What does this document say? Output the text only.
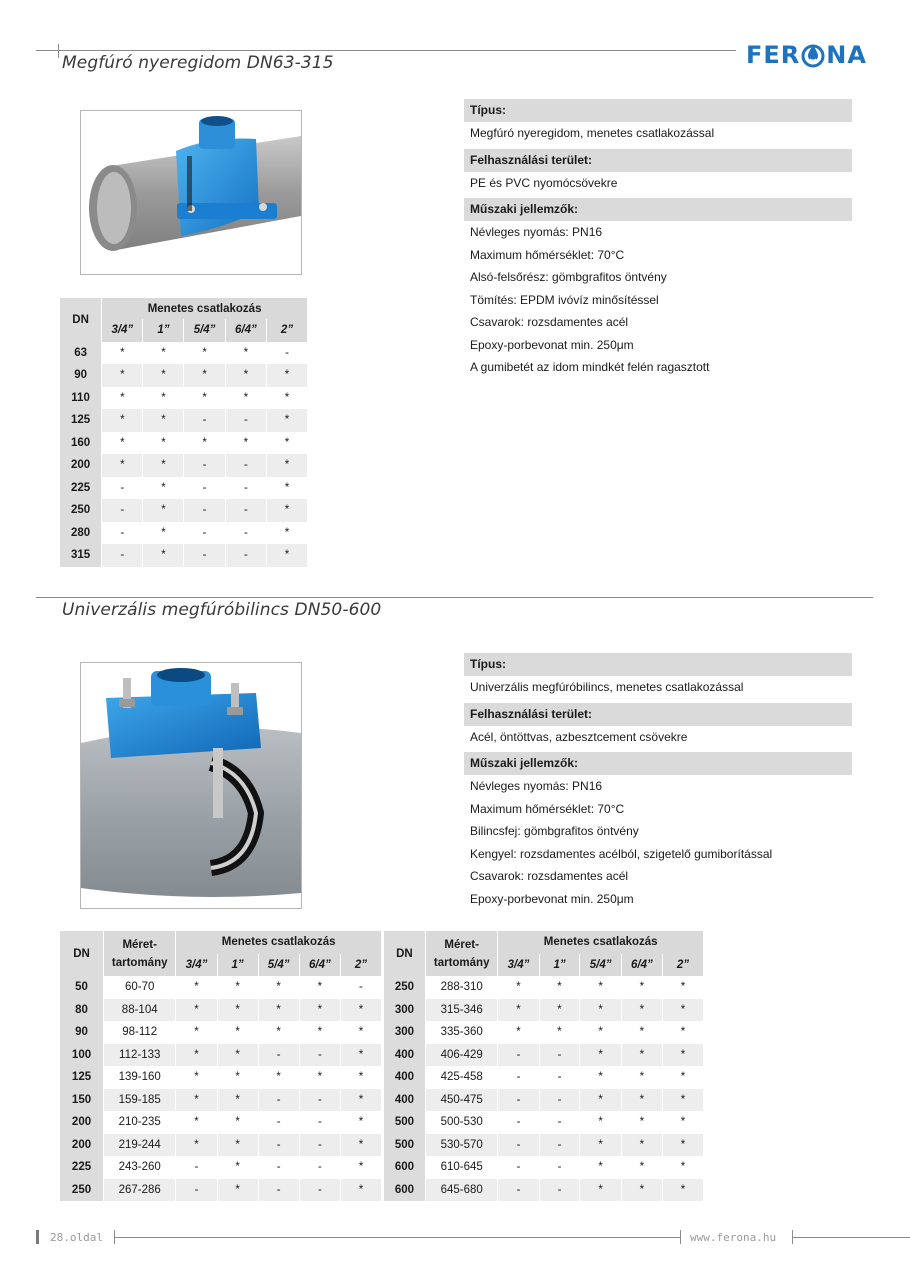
Megfúró nyeregidom DN63-315	FER NA
Típus:
Megfúró nyeregidom, menetes csatlakozással
Felhasználási terület:
PE és PVC nyomócsövekre
Műszaki jellemzők:
Névleges nyomás: PN16
Maximum hőmérséklet: 70°C
Alsó-felsőrész: gömbgrafitos öntvény
Tömítés: EPDM ivóvíz minősítéssel
Csavarok: rozsdamentes acél
Epoxy-porbevonat min. 250μm
A gumibetét az idom mindkét felén ragasztott
DN	Menetes csatlakozás				
	3/4”	1”	5/4”	6/4”	2”
63	*	*	*	*	-
90	*	*	*	*	*
110	*	*	*	*	*
125	*	*	-	-	*
160	*	*	*	*	*
200	*	*	-	-	*
225	-	*	-	-	*
250	-	*	-	-	*
280	-	*	-	-	*
315	-	*	-	-	*
Univerzális megfúróbilincs DN50-600
Típus:
Univerzális megfúróbilincs, menetes csatlakozással
Felhasználási terület:
Acél, öntöttvas, azbesztcement csövekre
Műszaki jellemzők:
Névleges nyomás: PN16
Maximum hőmérséklet: 70°C
Bilincsfej: gömbgrafitos öntvény
Kengyel: rozsdamentes acélból, szigetelő gumiborítással
Csavarok: rozsdamentes acél
Epoxy-porbevonat min. 250μm
DN	Méret-
tartomány	Menetes csatlakozás					DN	Méret-
tartomány	Menetes csatlakozás				
		3/4”	1”	5/4”	6/4”	2”			3/4”	1”	5/4”	6/4”	2”
50	60-70	*	*	*	*	-	250	288-310	*	*	*	*	*
80	88-104	*	*	*	*	*	300	315-346	*	*	*	*	*
90	98-112	*	*	*	*	*	300	335-360	*	*	*	*	*
100	112-133	*	*	-	-	*	400	406-429	-	-	*	*	*
125	139-160	*	*	*	*	*	400	425-458	-	-	*	*	*
150	159-185	*	*	-	-	*	400	450-475	-	-	*	*	*
200	210-235	*	*	-	-	*	500	500-530	-	-	*	*	*
200	219-244	*	*	-	-	*	500	530-570	-	-	*	*	*
225	243-260	-	*	-	-	*	600	610-645	-	-	*	*	*
250	267-286	-	*	-	-	*	600	645-680	-	-	*	*	*
28.oldal	www.ferona.hu
